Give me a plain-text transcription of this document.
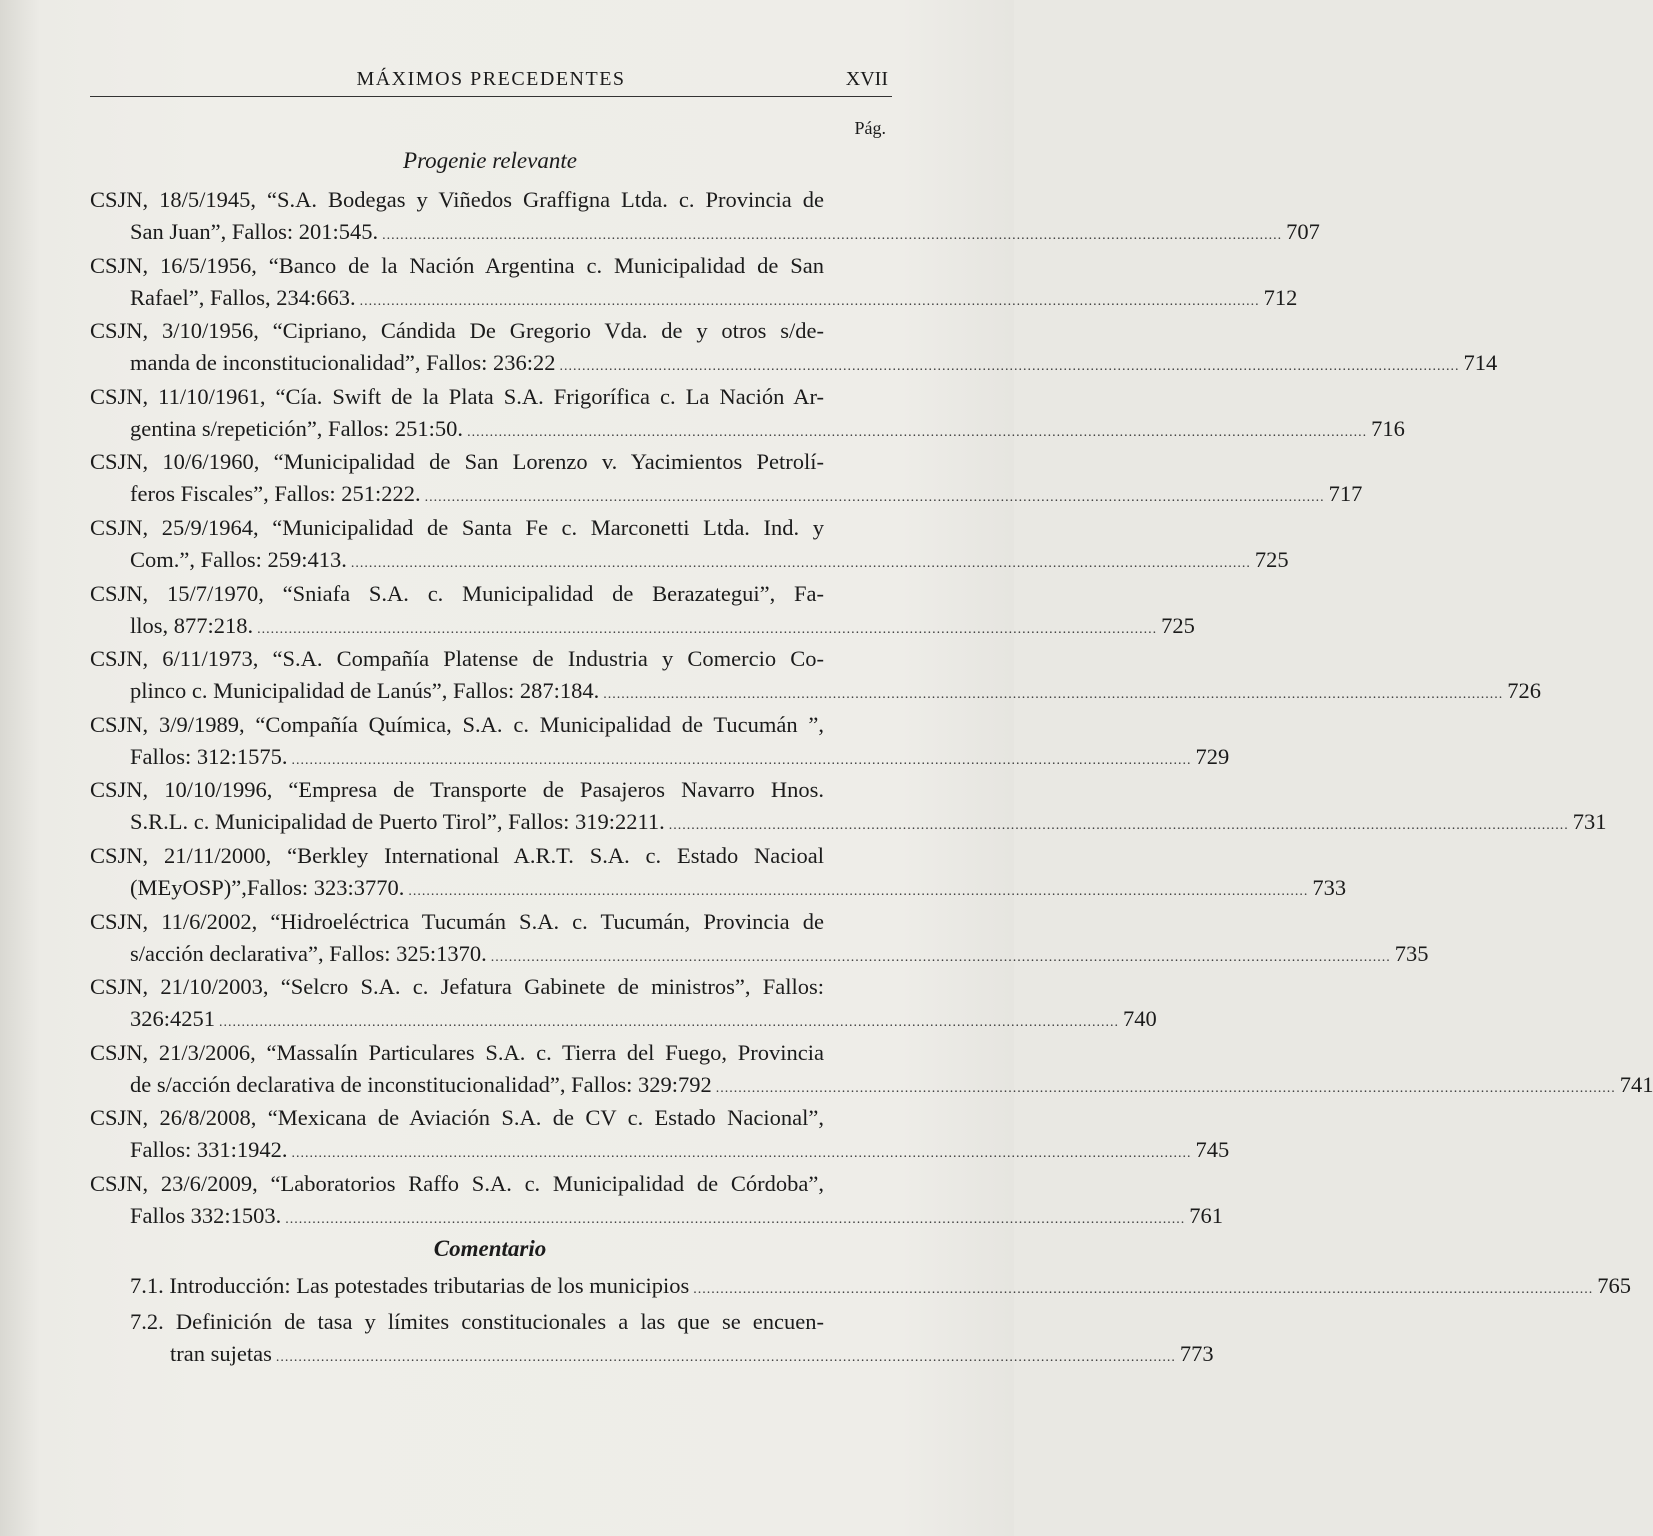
MÁXIMOS PRECEDENTES	XVII
Pág.
Progenie relevante
CSJN, 18/5/1945, “S.A. Bodegas y Viñedos Graffigna Ltda. c. Provincia de
San Juan”, Fallos: 201:545. ........................................................................................................................................................................................................ 707
CSJN, 16/5/1956, “Banco de la Nación Argentina c. Municipalidad de San
Rafael”, Fallos, 234:663. ........................................................................................................................................................................................................ 712
CSJN, 3/10/1956, “Cipriano, Cándida De Gregorio Vda. de y otros s/de-
manda de inconstitucionalidad”, Fallos: 236:22 ........................................................................................................................................................................................................ 714
CSJN, 11/10/1961, “Cía. Swift de la Plata S.A. Frigorífica c. La Nación Ar-
gentina s/repetición”, Fallos: 251:50. ........................................................................................................................................................................................................ 716
CSJN, 10/6/1960, “Municipalidad de San Lorenzo v. Yacimientos Petrolí-
feros Fiscales”, Fallos: 251:222. ........................................................................................................................................................................................................ 717
CSJN, 25/9/1964, “Municipalidad de Santa Fe c. Marconetti Ltda. Ind. y
Com.”, Fallos: 259:413. ........................................................................................................................................................................................................ 725
CSJN, 15/7/1970, “Sniafa S.A. c. Municipalidad de Berazategui”, Fa-
llos, 877:218. ........................................................................................................................................................................................................ 725
CSJN, 6/11/1973, “S.A. Compañía Platense de Industria y Comercio Co-
plinco c. Municipalidad de Lanús”, Fallos: 287:184. ........................................................................................................................................................................................................ 726
CSJN, 3/9/1989, “Compañía Química, S.A. c. Municipalidad de Tucumán ”,
Fallos: 312:1575. ........................................................................................................................................................................................................ 729
CSJN, 10/10/1996, “Empresa de Transporte de Pasajeros Navarro Hnos.
S.R.L. c. Municipalidad de Puerto Tirol”, Fallos: 319:2211. ........................................................................................................................................................................................................ 731
CSJN, 21/11/2000, “Berkley International A.R.T. S.A. c. Estado Nacioal
(MEyOSP)”,Fallos: 323:3770. ........................................................................................................................................................................................................ 733
CSJN, 11/6/2002, “Hidroeléctrica Tucumán S.A. c. Tucumán, Provincia de
s/acción declarativa”, Fallos: 325:1370. ........................................................................................................................................................................................................ 735
CSJN, 21/10/2003, “Selcro S.A. c. Jefatura Gabinete de ministros”, Fallos:
326:4251 ........................................................................................................................................................................................................ 740
CSJN, 21/3/2006, “Massalín Particulares S.A. c. Tierra del Fuego, Provincia
de s/acción declarativa de inconstitucionalidad”, Fallos: 329:792 ........................................................................................................................................................................................................ 741
CSJN, 26/8/2008, “Mexicana de Aviación S.A. de CV c. Estado Nacional”,
Fallos: 331:1942. ........................................................................................................................................................................................................ 745
CSJN, 23/6/2009, “Laboratorios Raffo S.A. c. Municipalidad de Córdoba”,
Fallos 332:1503. ........................................................................................................................................................................................................ 761
Comentario
7.1. Introducción: Las potestades tributarias de los municipios ........................................................................................................................................................................................................ 765
7.2. Definición de tasa y límites constitucionales a las que se encuen-
tran sujetas ........................................................................................................................................................................................................ 773
